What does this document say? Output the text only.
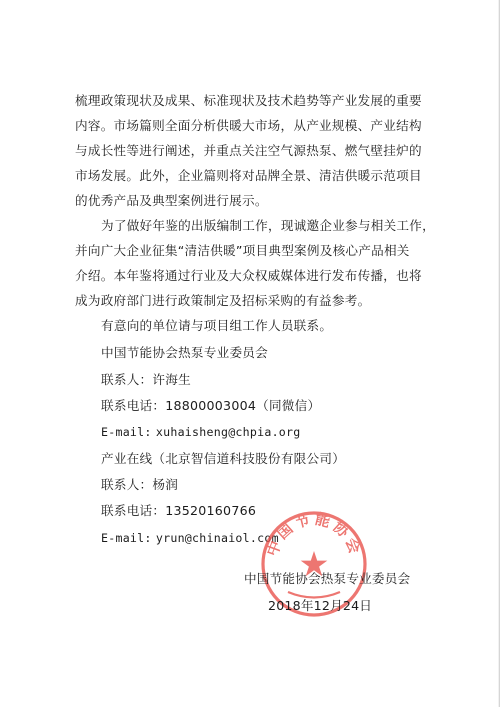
梳理政策现状及成果、标准现状及技术趋势等产业发展的重要
内容。市场篇则全面分析供暖大市场，从产业规模、产业结构
与成长性等进行阐述，并重点关注空气源热泵、燃气壁挂炉的
市场发展。此外，企业篇则将对品牌全景、清洁供暖示范项目
的优秀产品及典型案例进行展示。
为了做好年鉴的出版编制工作，现诚邀企业参与相关工作，
并向广大企业征集“清洁供暖”项目典型案例及核心产品相关
介绍。本年鉴将通过行业及大众权威媒体进行发布传播，也将
成为政府部门进行政策制定及招标采购的有益参考。
有意向的单位请与项目组工作人员联系。
中国节能协会热泵专业委员会
联系人：许海生
联系电话：18800003004（同微信）
E-mail: xuhaisheng@chpia.org
产业在线（北京智信道科技股份有限公司）
联系人：杨润
联系电话：13520160766
E-mail: yrun@chinaiol.com
中国节能协会
中国节能协会热泵专业委员会
2018年12月24日
